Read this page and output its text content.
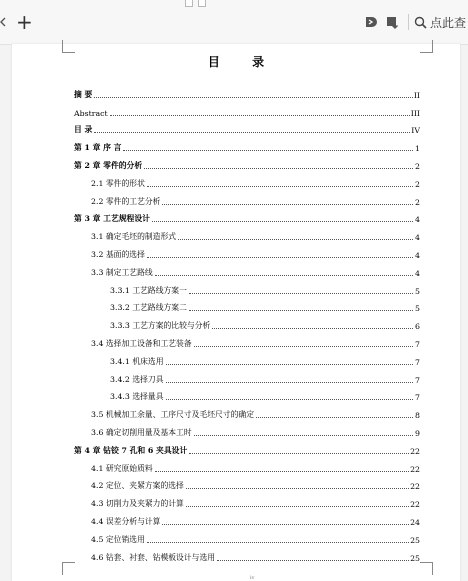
+	点此查
目 录
摘 要	II
Abstract	III
目 录	IV
第 1 章 序 言	1
第 2 章 零件的分析	2
2.1 零件的形状	2
2.2 零件的工艺分析	2
第 3 章 工艺规程设计	4
3.1 确定毛坯的制造形式	4
3.2 基面的选择	4
3.3 制定工艺路线	4
3.3.1 工艺路线方案一	5
3.3.2 工艺路线方案二	5
3.3.3 工艺方案的比较与分析	6
3.4 选择加工设备和工艺装备	7
3.4.1 机床选用	7
3.4.2 选择刀具	7
3.4.3 选择量具	7
3.5 机械加工余量、工序尺寸及毛坯尺寸的确定	8
3.6 确定切削用量及基本工时	9
第 4 章 钻铰 7 孔和 6 夹具设计	22
4.1 研究原始质料	22
4.2 定位、夹紧方案的选择	22
4.3 切削力及夹紧力的计算	22
4.4 误差分析与计算	24
4.5 定位销选用	25
4.6 钻套、衬套、钻模板设计与选用	25
iv
